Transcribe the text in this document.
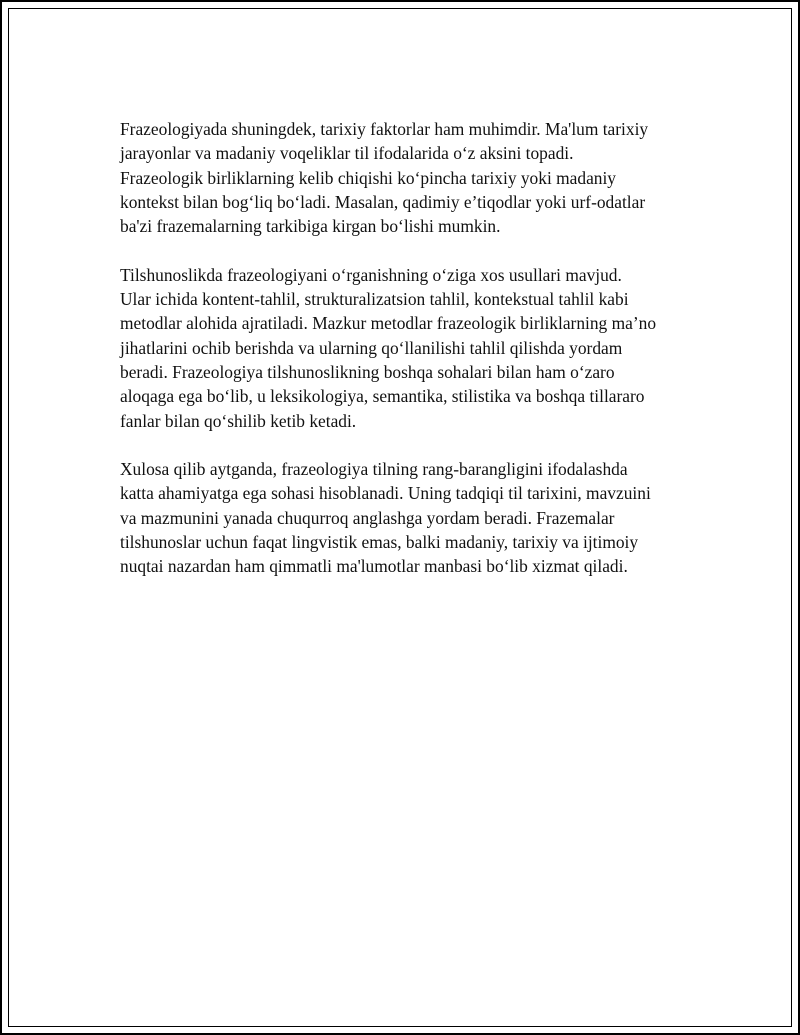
Frazeologiyada shuningdek, tarixiy faktorlar ham muhimdir. Ma'lum tarixiy
jarayonlar va madaniy voqeliklar til ifodalarida o‘z aksini topadi.
Frazeologik birliklarning kelib chiqishi ko‘pincha tarixiy yoki madaniy
kontekst bilan bog‘liq bo‘ladi. Masalan, qadimiy e’tiqodlar yoki urf-odatlar
ba'zi frazemalarning tarkibiga kirgan bo‘lishi mumkin.

Tilshunoslikda frazeologiyani o‘rganishning o‘ziga xos usullari mavjud.
Ular ichida kontent-tahlil, strukturalizatsion tahlil, kontekstual tahlil kabi
metodlar alohida ajratiladi. Mazkur metodlar frazeologik birliklarning ma’no
jihatlarini ochib berishda va ularning qo‘llanilishi tahlil qilishda yordam
beradi. Frazeologiya tilshunoslikning boshqa sohalari bilan ham o‘zaro
aloqaga ega bo‘lib, u leksikologiya, semantika, stilistika va boshqa tillararo
fanlar bilan qo‘shilib ketib ketadi.

Xulosa qilib aytganda, frazeologiya tilning rang-barangligini ifodalashda
katta ahamiyatga ega sohasi hisoblanadi. Uning tadqiqi til tarixini, mavzuini
va mazmunini yanada chuqurroq anglashga yordam beradi. Frazemalar
tilshunoslar uchun faqat lingvistik emas, balki madaniy, tarixiy va ijtimoiy
nuqtai nazardan ham qimmatli ma'lumotlar manbasi bo‘lib xizmat qiladi.
